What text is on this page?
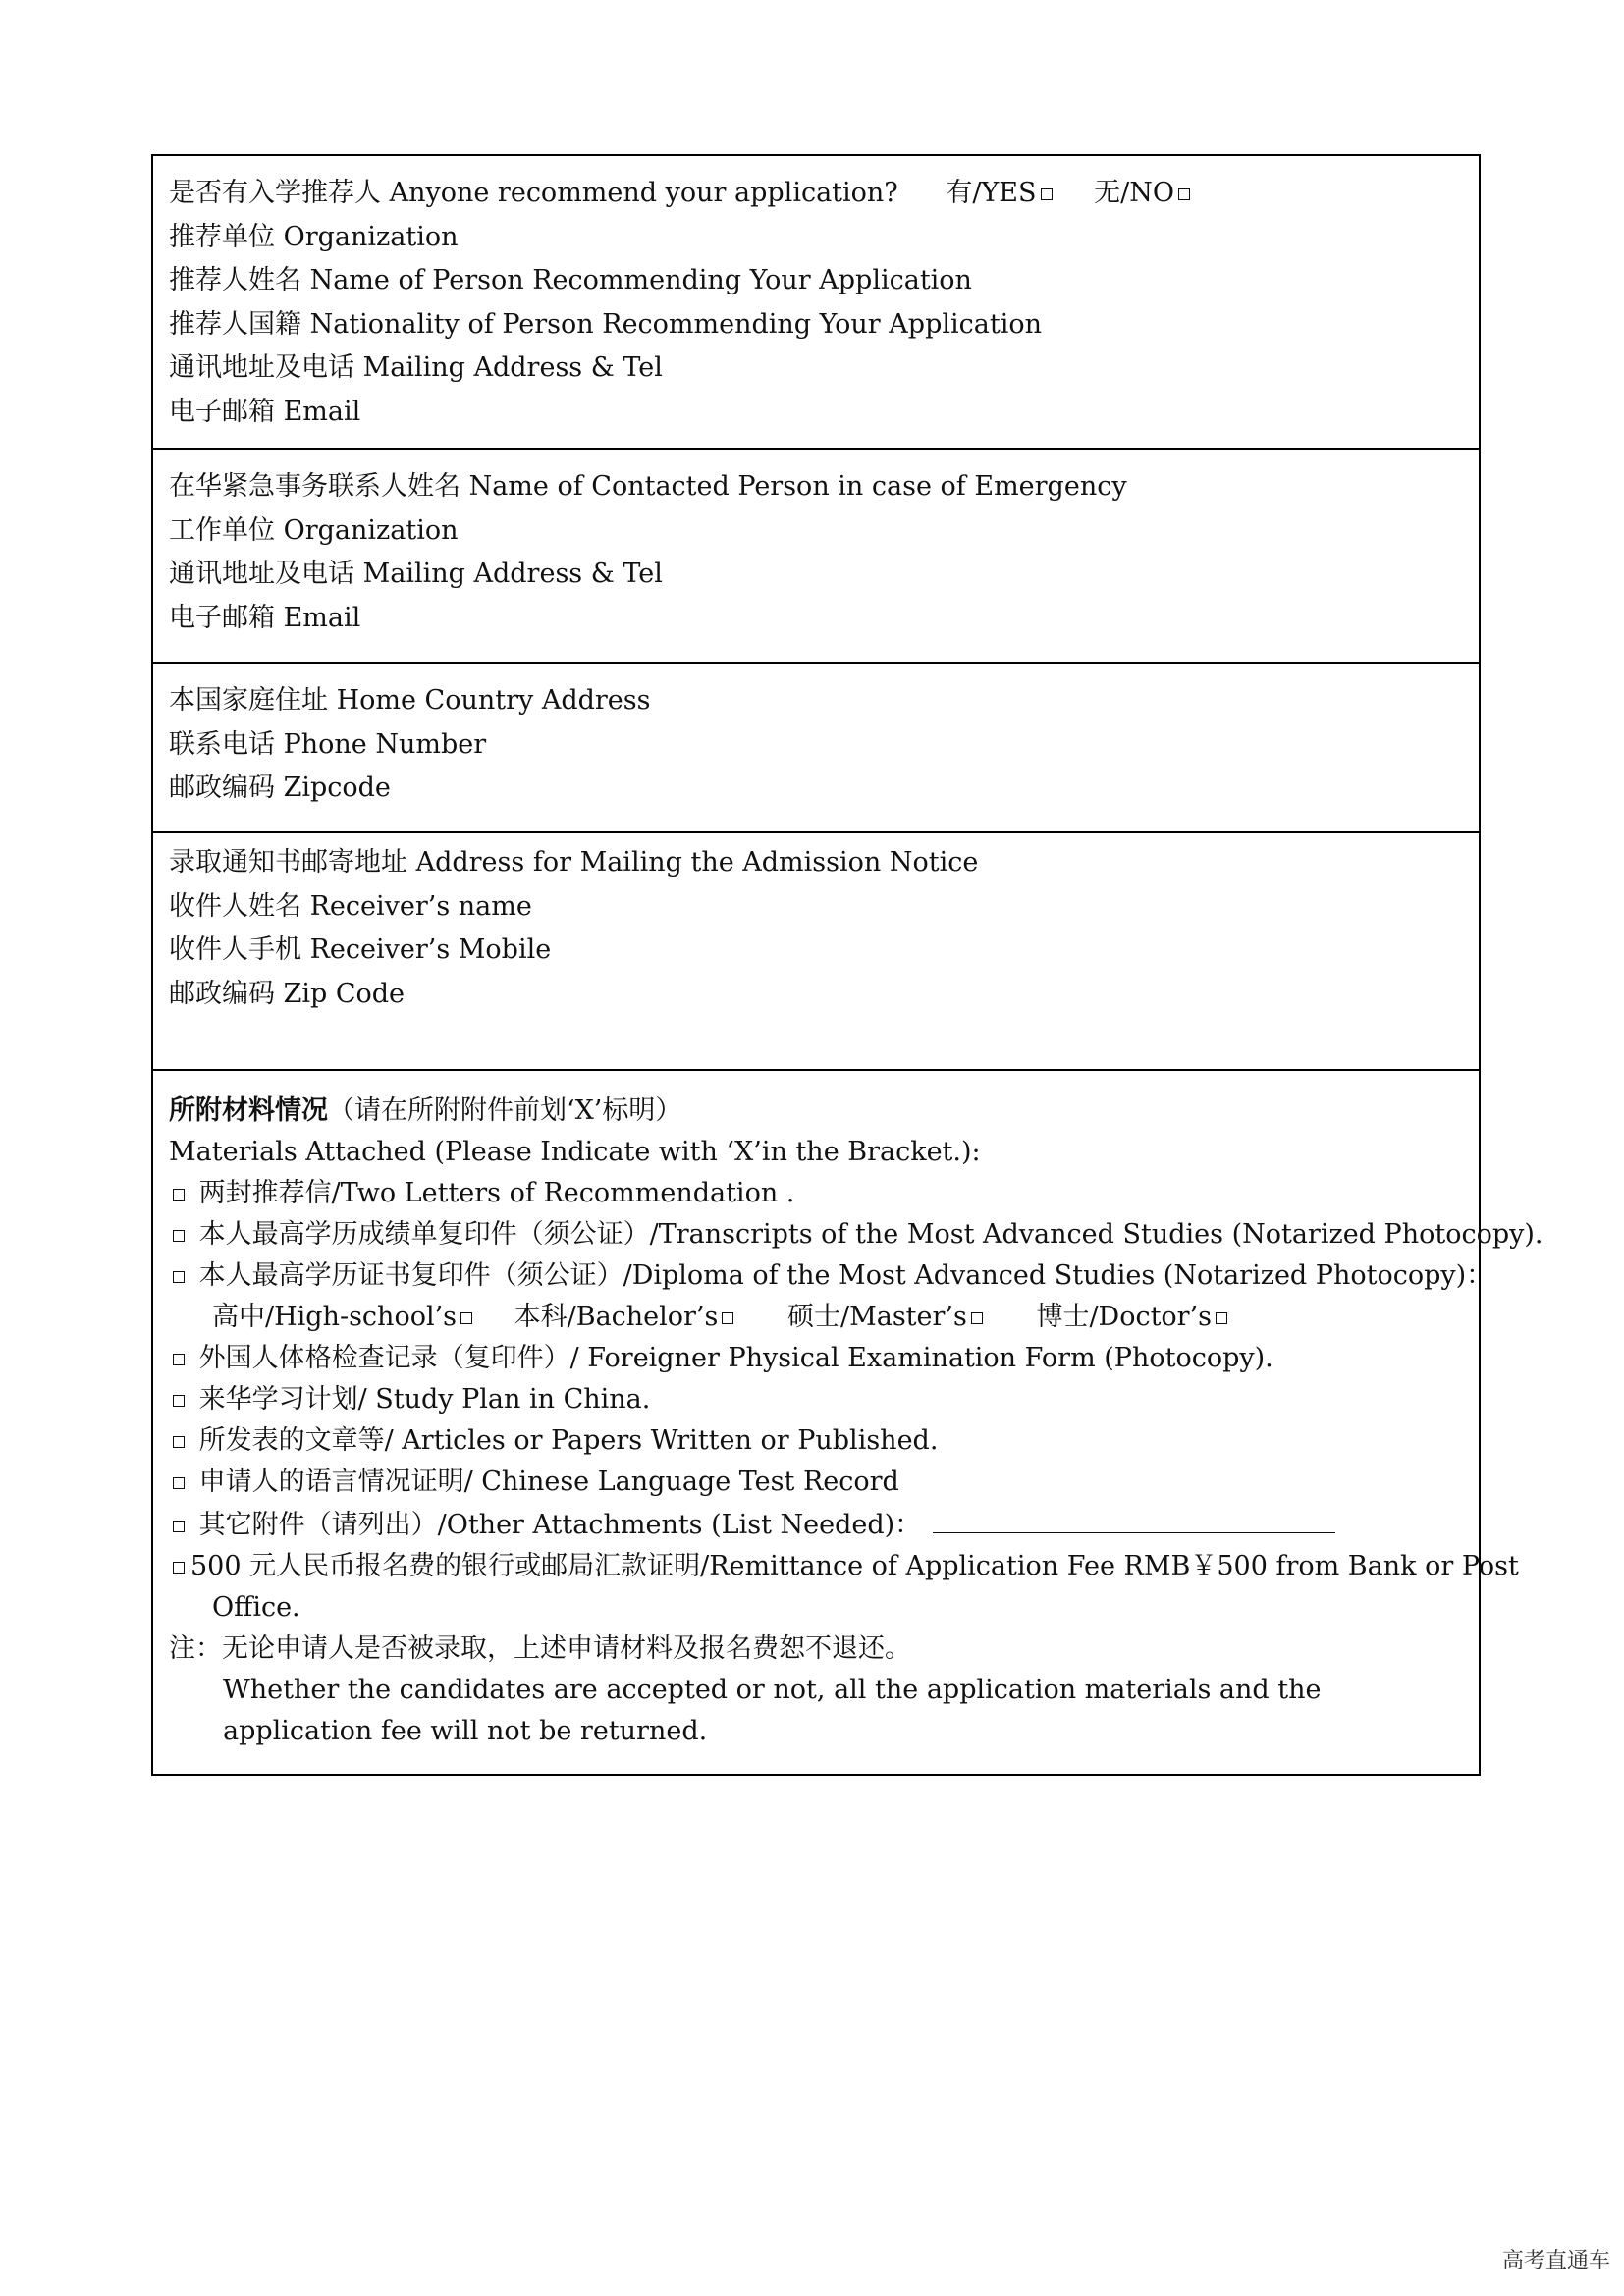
是否有入学推荐人 Anyone recommend your application? 有/YES 无/NO
推荐单位 Organization
推荐人姓名 Name of Person Recommending Your Application
推荐人国籍 Nationality of Person Recommending Your Application
通讯地址及电话 Mailing Address & Tel
电子邮箱 Email
在华紧急事务联系人姓名 Name of Contacted Person in case of Emergency
工作单位 Organization
通讯地址及电话 Mailing Address & Tel
电子邮箱 Email
本国家庭住址 Home Country Address
联系电话 Phone Number
邮政编码 Zipcode
录取通知书邮寄地址 Address for Mailing the Admission Notice
收件人姓名 Receiver’s name
收件人手机 Receiver’s Mobile
邮政编码 Zip Code
所附材料情况（请在所附附件前划‘X’标明）
Materials Attached (Please Indicate with ‘X’in the Bracket.):
两封推荐信/Two Letters of Recommendation .
本人最高学历成绩单复印件（须公证）/Transcripts of the Most Advanced Studies (Notarized Photocopy).
本人最高学历证书复印件（须公证）/Diploma of the Most Advanced Studies (Notarized Photocopy)：
高中/High-school’s 本科/Bachelor’s	硕士/Master’s	博士/Doctor’s
外国人体格检查记录（复印件）/ Foreigner Physical Examination Form (Photocopy).
来华学习计划/ Study Plan in China.
所发表的文章等/ Articles or Papers Written or Published.
申请人的语言情况证明/ Chinese Language Test Record
其它附件（请列出）/Other Attachments (List Needed)：
500 元人民币报名费的银行或邮局汇款证明/Remittance of Application Fee RMB￥500 from Bank or Post
Office.
注：无论申请人是否被录取，上述申请材料及报名费恕不退还。
Whether the candidates are accepted or not, all the application materials and the application fee will not be returned.
高考直通车
